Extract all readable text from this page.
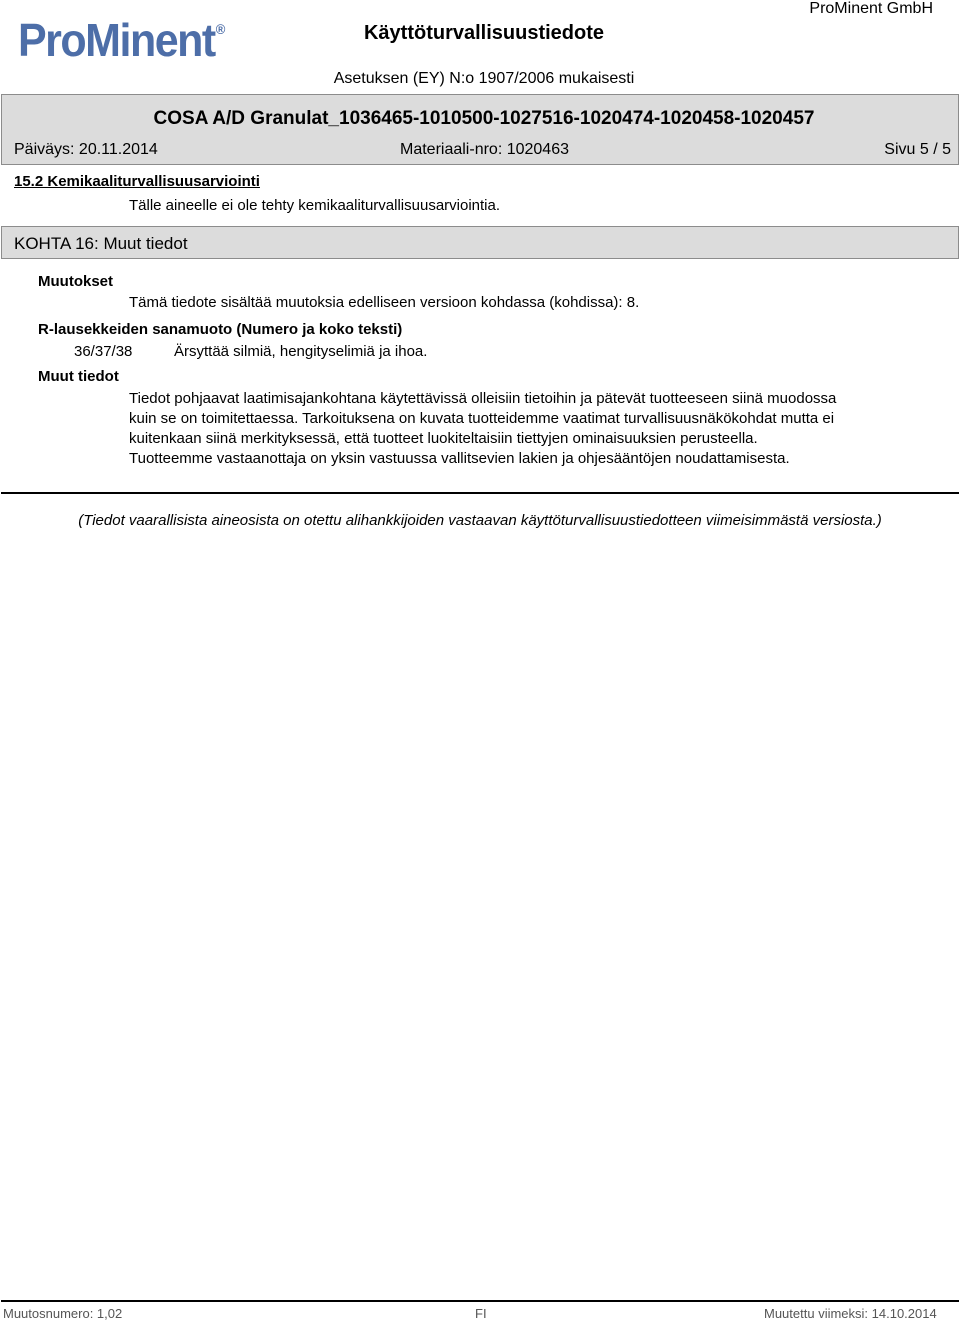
ProMinent®	Käyttöturvallisuustiedote
ProMinent GmbH
Asetuksen (EY) N:o 1907/2006 mukaisesti
COSA A/D Granulat_1036465-1010500-1027516-1020474-1020458-1020457
Päiväys: 20.11.2014	Materiaali-nro: 1020463	Sivu 5 / 5
15.2 Kemikaaliturvallisuusarviointi
Tälle aineelle ei ole tehty kemikaaliturvallisuusarviointia.
KOHTA 16: Muut tiedot
Muutokset
Tämä tiedote sisältää muutoksia edelliseen versioon kohdassa (kohdissa): 8.
R-lausekkeiden sanamuoto (Numero ja koko teksti)
36/37/38	Ärsyttää silmiä, hengityselimiä ja ihoa.
Muut tiedot
Tiedot pohjaavat laatimisajankohtana käytettävissä olleisiin tietoihin ja pätevät tuotteeseen siinä muodossa kuin se on toimitettaessa. Tarkoituksena on kuvata tuotteidemme vaatimat turvallisuusnäkökohdat mutta ei kuitenkaan siinä merkityksessä, että tuotteet luokiteltaisiin tiettyjen ominaisuuksien perusteella. Tuotteemme vastaanottaja on yksin vastuussa vallitsevien lakien ja ohjesääntöjen noudattamisesta.
(Tiedot vaarallisista aineosista on otettu alihankkijoiden vastaavan käyttöturvallisuustiedotteen viimeisimmästä versiosta.)
Muutosnumero: 1,02	FI	Muutettu viimeksi: 14.10.2014
